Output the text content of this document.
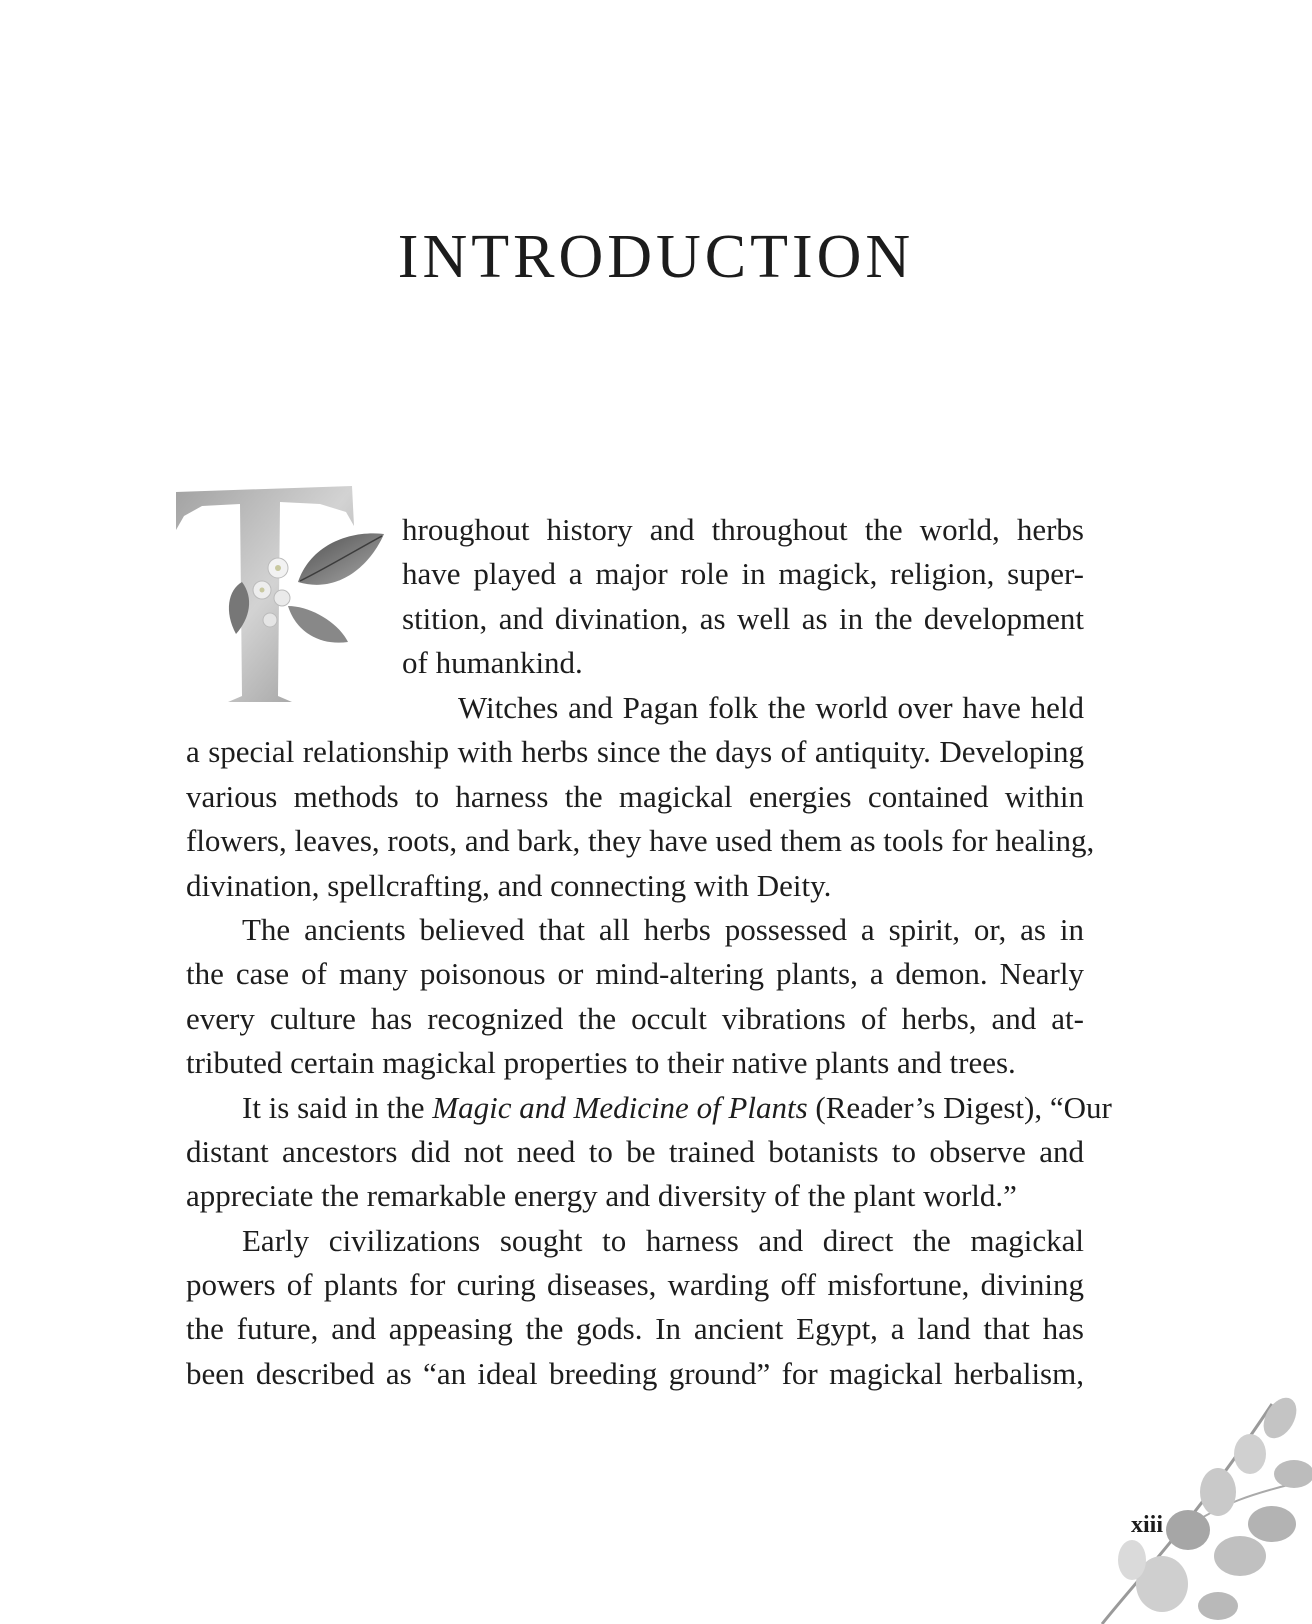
INTRODUCTION
hroughout history and throughout the world, herbs
have played a major role in magick, religion, super-
stition, and divination, as well as in the development
of humankind.
Witches and Pagan folk the world over have held
a special relationship with herbs since the days of antiquity. Developing
various methods to harness the magickal energies contained within
flowers, leaves, roots, and bark, they have used them as tools for healing,
divination, spellcrafting, and connecting with Deity.
The ancients believed that all herbs possessed a spirit, or, as in
the case of many poisonous or mind-altering plants, a demon. Nearly
every culture has recognized the occult vibrations of herbs, and at-
tributed certain magickal properties to their native plants and trees.
It is said in the Magic and Medicine of Plants (Reader’s Digest), “Our
distant ancestors did not need to be trained botanists to observe and
appreciate the remarkable energy and diversity of the plant world.”
Early civilizations sought to harness and direct the magickal
powers of plants for curing diseases, warding off misfortune, divining
the future, and appeasing the gods. In ancient Egypt, a land that has
been described as “an ideal breeding ground” for magickal herbalism,
xiii
